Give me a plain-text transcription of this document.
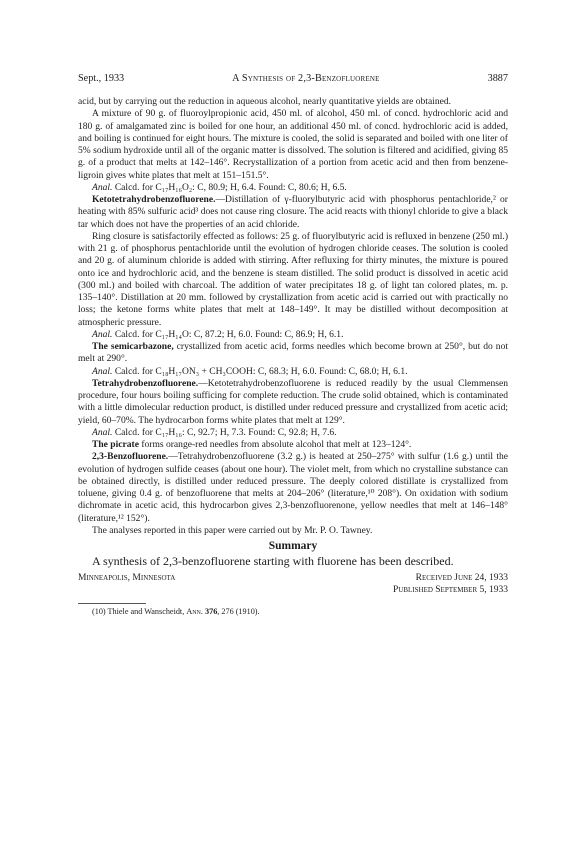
Sept., 1933	A Synthesis of 2,3-Benzofluorene	3887

acid, but by carrying out the reduction in aqueous alcohol, nearly quantitative yields are obtained.

A mixture of 90 g. of fluoroylpropionic acid, 450 ml. of alcohol, 450 ml. of concd. hydrochloric acid and 180 g. of amalgamated zinc is boiled for one hour, an additional 450 ml. of concd. hydrochloric acid is added, and boiling is continued for eight hours. The mixture is cooled, the solid is separated and boiled with one liter of 5% sodium hydroxide until all of the organic matter is dissolved. The solution is filtered and acidified, giving 85 g. of a product that melts at 142–146°. Recrystallization of a portion from acetic acid and then from benzene-ligroin gives white plates that melt at 151–151.5°.

Anal. Calcd. for C₁₇H₁₆O₂: C, 80.9; H, 6.4. Found: C, 80.6; H, 6.5.

Ketotetrahydrobenzofluorene.—Distillation of γ-fluorylbutyric acid with phosphorus pentachloride,² or heating with 85% sulfuric acid³ does not cause ring closure. The acid reacts with thionyl chloride to give a black tar which does not have the properties of an acid chloride.

Ring closure is satisfactorily effected as follows: 25 g. of fluorylbutyric acid is refluxed in benzene (250 ml.) with 21 g. of phosphorus pentachloride until the evolution of hydrogen chloride ceases. The solution is cooled and 20 g. of aluminum chloride is added with stirring. After refluxing for thirty minutes, the mixture is poured onto ice and hydrochloric acid, and the benzene is steam distilled. The solid product is dissolved in acetic acid (300 ml.) and boiled with charcoal. The addition of water precipitates 18 g. of light tan colored plates, m. p. 135–140°. Distillation at 20 mm. followed by crystallization from acetic acid is carried out with practically no loss; the ketone forms white plates that melt at 148–149°. It may be distilled without decomposition at atmospheric pressure.

Anal. Calcd. for C₁₇H₁₄O: C, 87.2; H, 6.0. Found: C, 86.9; H, 6.1.

The semicarbazone, crystallized from acetic acid, forms needles which become brown at 250°, but do not melt at 290°.

Anal. Calcd. for C₁₈H₁₇ON₃ + CH₃COOH: C, 68.3; H, 6.0. Found: C, 68.0; H, 6.1.

Tetrahydrobenzofluorene.—Ketotetrahydrobenzofluorene is reduced readily by the usual Clemmensen procedure, four hours boiling sufficing for complete reduction. The crude solid obtained, which is contaminated with a little dimolecular reduction product, is distilled under reduced pressure and crystallized from acetic acid; yield, 60–70%. The hydrocarbon forms white plates that melt at 129°.

Anal. Calcd. for C₁₇H₁₆: C, 92.7; H, 7.3. Found: C, 92.8; H, 7.6.

The picrate forms orange-red needles from absolute alcohol that melt at 123–124°.

2,3-Benzofluorene.—Tetrahydrobenzofluorene (3.2 g.) is heated at 250–275° with sulfur (1.6 g.) until the evolution of hydrogen sulfide ceases (about one hour). The violet melt, from which no crystalline substance can be obtained directly, is distilled under reduced pressure. The deeply colored distillate is crystallized from toluene, giving 0.4 g. of benzofluorene that melts at 204–206° (literature,¹⁰ 208°). On oxidation with sodium dichromate in acetic acid, this hydrocarbon gives 2,3-benzofluorenone, yellow needles that melt at 146–148° (literature,¹² 152°).

The analyses reported in this paper were carried out by Mr. P. O. Tawney.

Summary

A synthesis of 2,3-benzofluorene starting with fluorene has been described.

Minneapolis, Minnesota	Received June 24, 1933
Published September 5, 1933

(10) Thiele and Wanscheidt, Ann. 376, 276 (1910).
